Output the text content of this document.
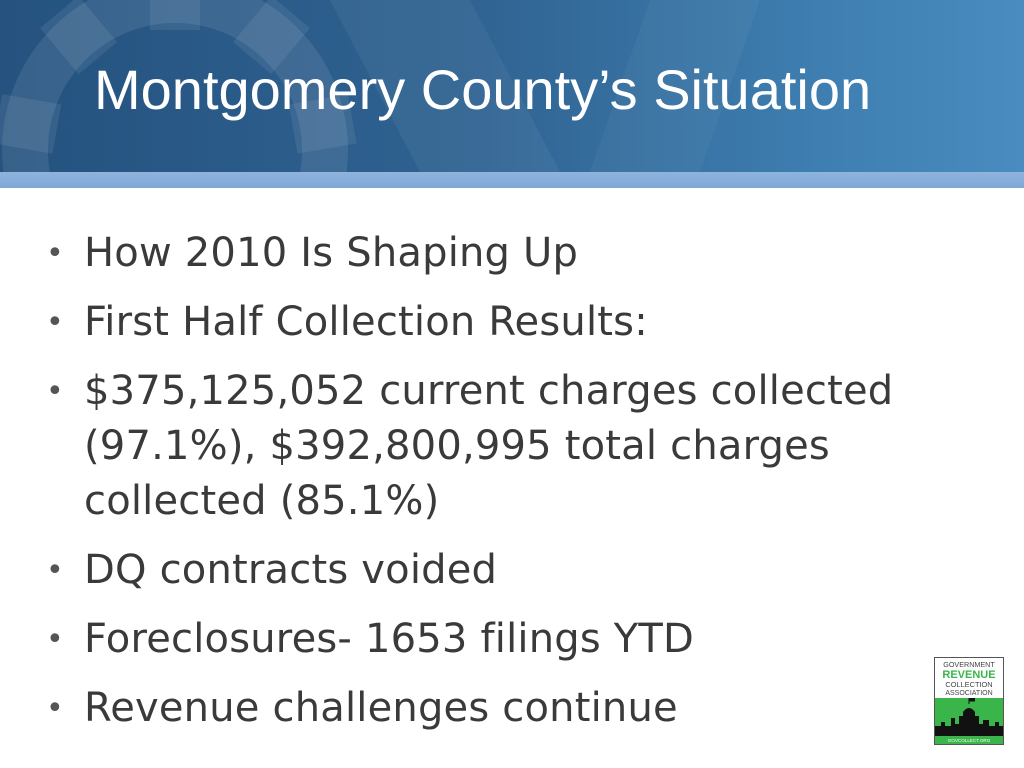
Montgomery County’s Situation
• How 2010 Is Shaping Up
• First Half Collection Results:
• $375,125,052 current charges collected (97.1%), $392,800,995 total charges collected (85.1%)
• DQ contracts voided
• Foreclosures- 1653 filings YTD
• Revenue challenges continue
GOVERNMENT
REVENUE
COLLECTION
ASSOCIATION
GOVCOLLECT.ORG
